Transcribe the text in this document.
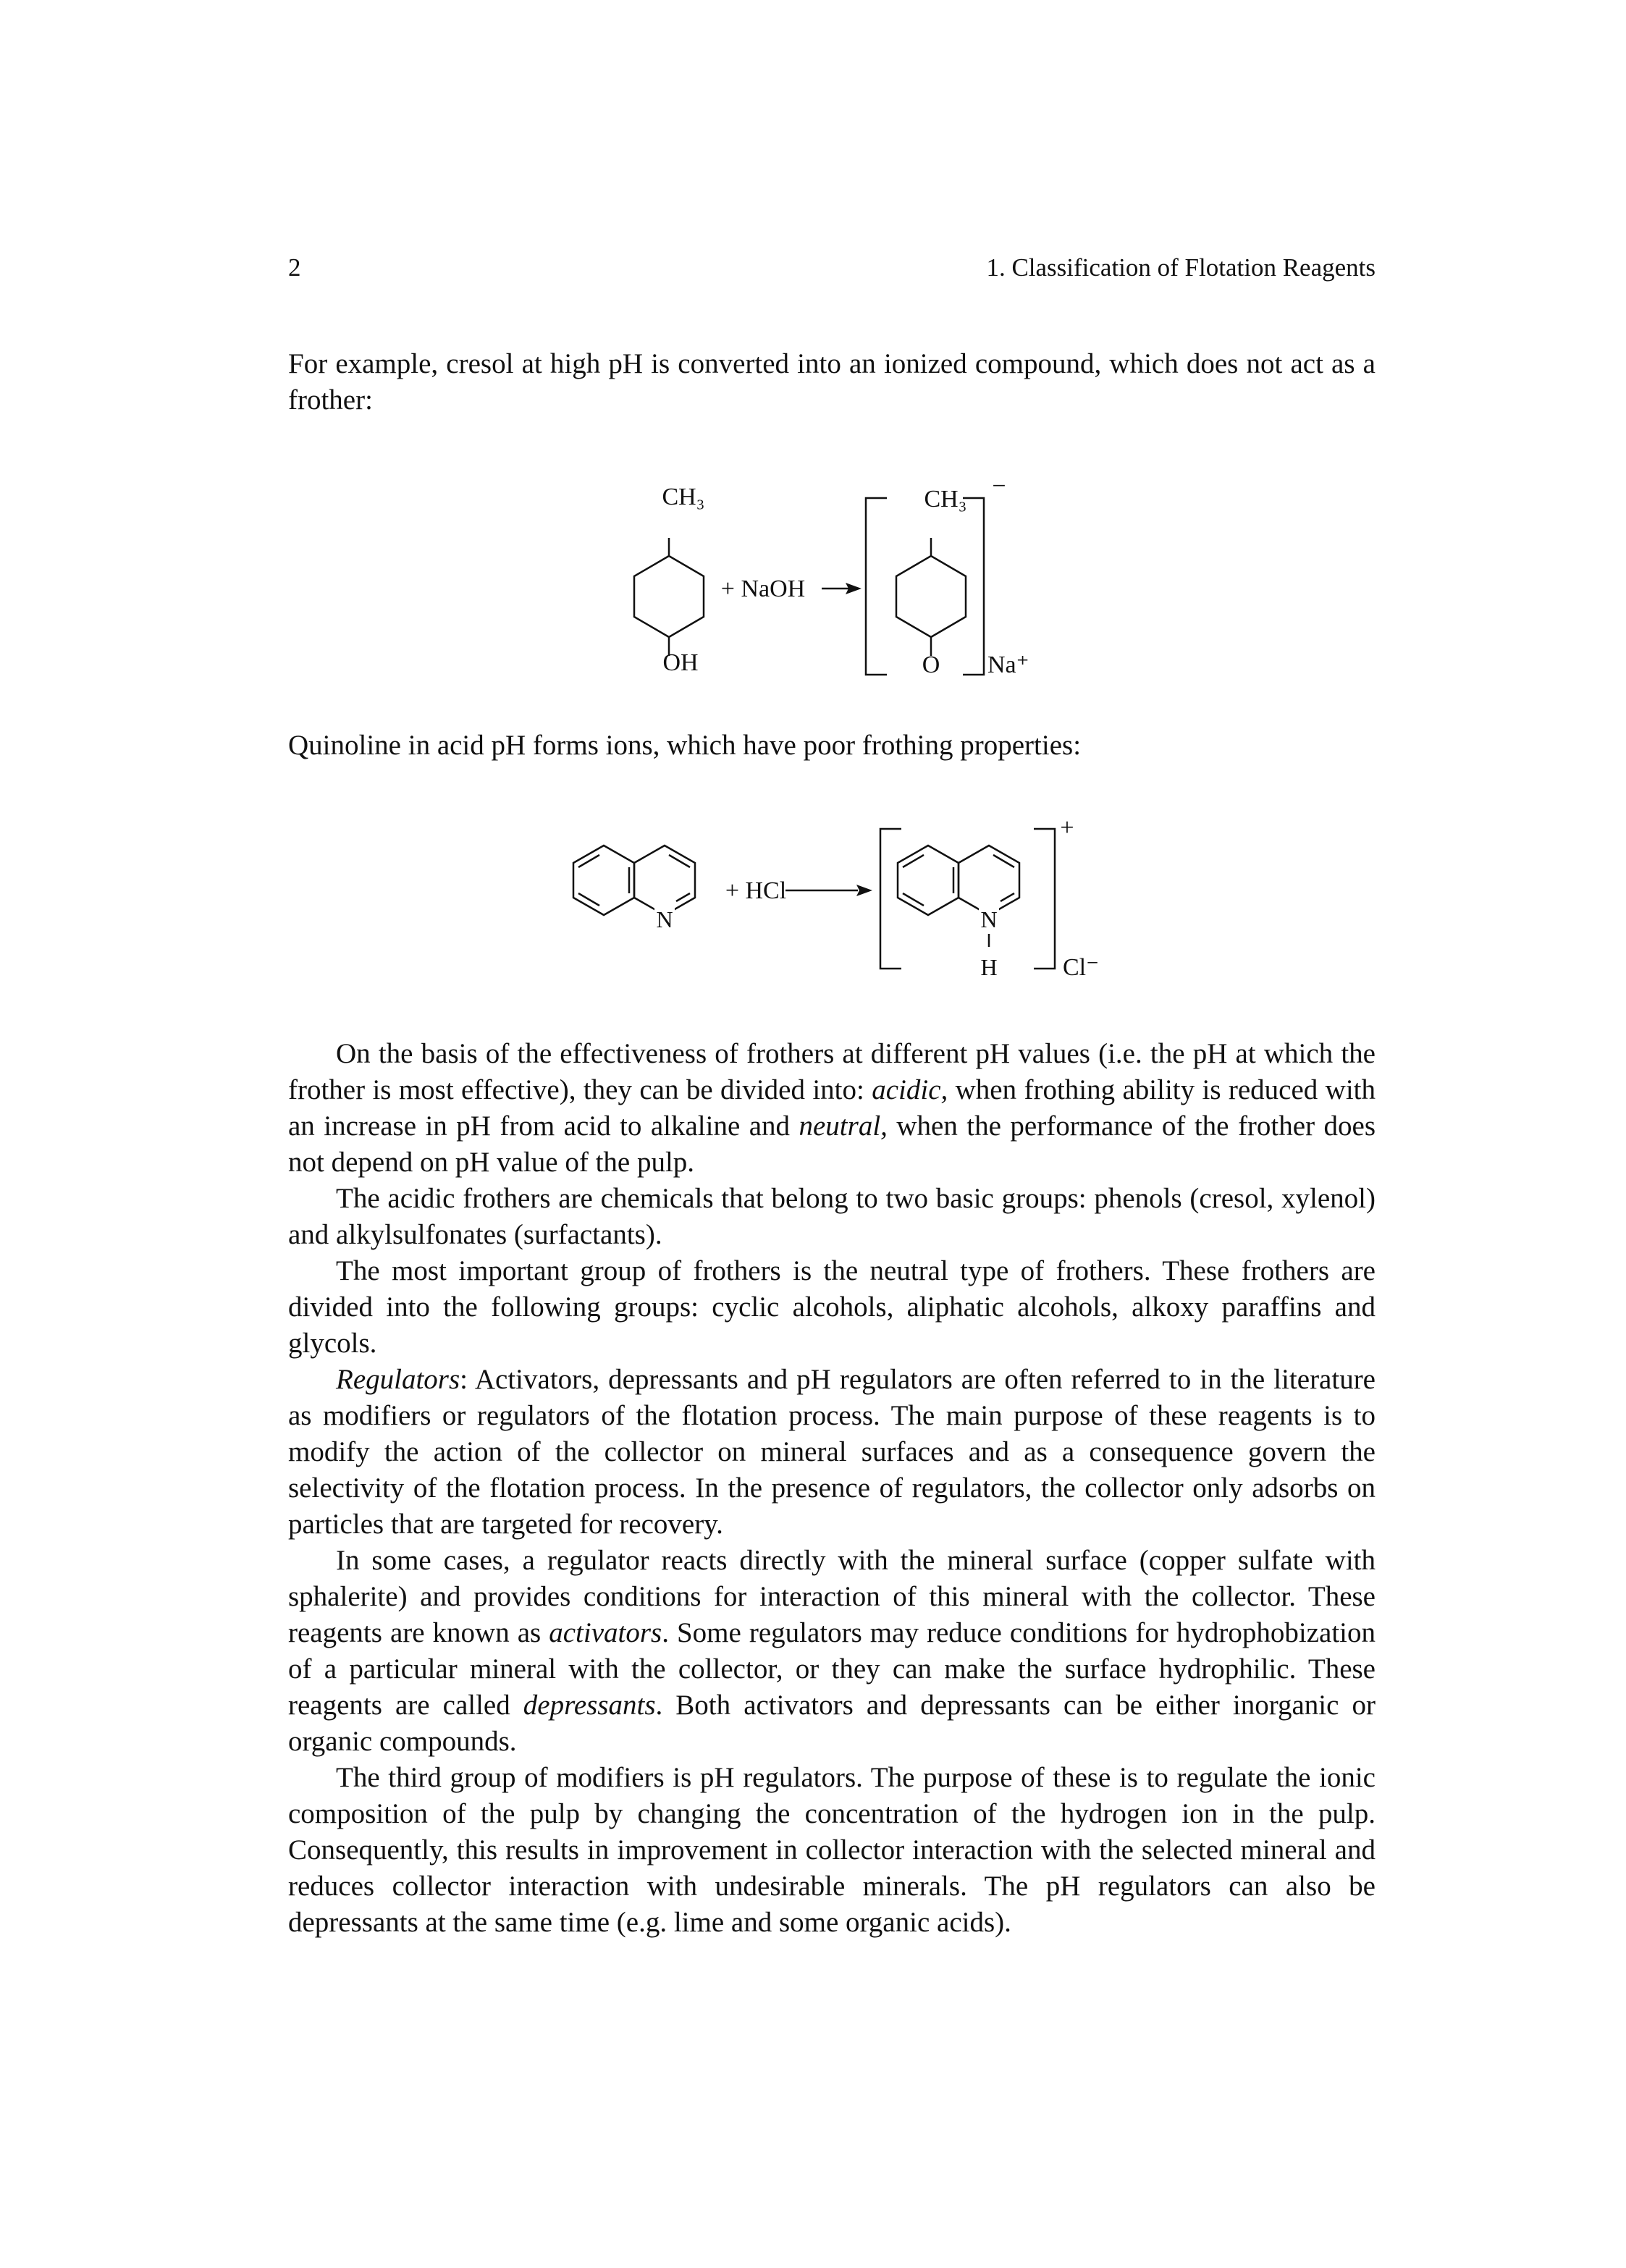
2	1. Classification of Flotation Reagents

For example, cresol at high pH is converted into an ionized compound, which does not act as a frother:

CH₃
OH
+ NaOH
CH₃
O
−
Na⁺

Quinoline in acid pH forms ions, which have poor frothing properties:

N
+ HCl
N
H
+
Cl⁻

On the basis of the effectiveness of frothers at different pH values (i.e. the pH at which the frother is most effective), they can be divided into: acidic, when frothing ability is reduced with an increase in pH from acid to alkaline and neutral, when the performance of the frother does not depend on pH value of the pulp.

The acidic frothers are chemicals that belong to two basic groups: phenols (cresol, xylenol) and alkylsulfonates (surfactants).

The most important group of frothers is the neutral type of frothers. These frothers are divided into the following groups: cyclic alcohols, aliphatic alcohols, alkoxy paraffins and glycols.

Regulators: Activators, depressants and pH regulators are often referred to in the literature as modifiers or regulators of the flotation process. The main purpose of these reagents is to modify the action of the collector on mineral surfaces and as a consequence govern the selectivity of the flotation process. In the presence of regulators, the collector only adsorbs on particles that are targeted for recovery.

In some cases, a regulator reacts directly with the mineral surface (copper sulfate with sphalerite) and provides conditions for interaction of this mineral with the collector. These reagents are known as activators. Some regulators may reduce conditions for hydrophobization of a particular mineral with the collector, or they can make the surface hydrophilic. These reagents are called depressants. Both activators and depressants can be either inorganic or organic compounds.

The third group of modifiers is pH regulators. The purpose of these is to regulate the ionic composition of the pulp by changing the concentration of the hydrogen ion in the pulp. Consequently, this results in improvement in collector interaction with the selected mineral and reduces collector interaction with undesirable minerals. The pH regulators can also be depressants at the same time (e.g. lime and some organic acids).
